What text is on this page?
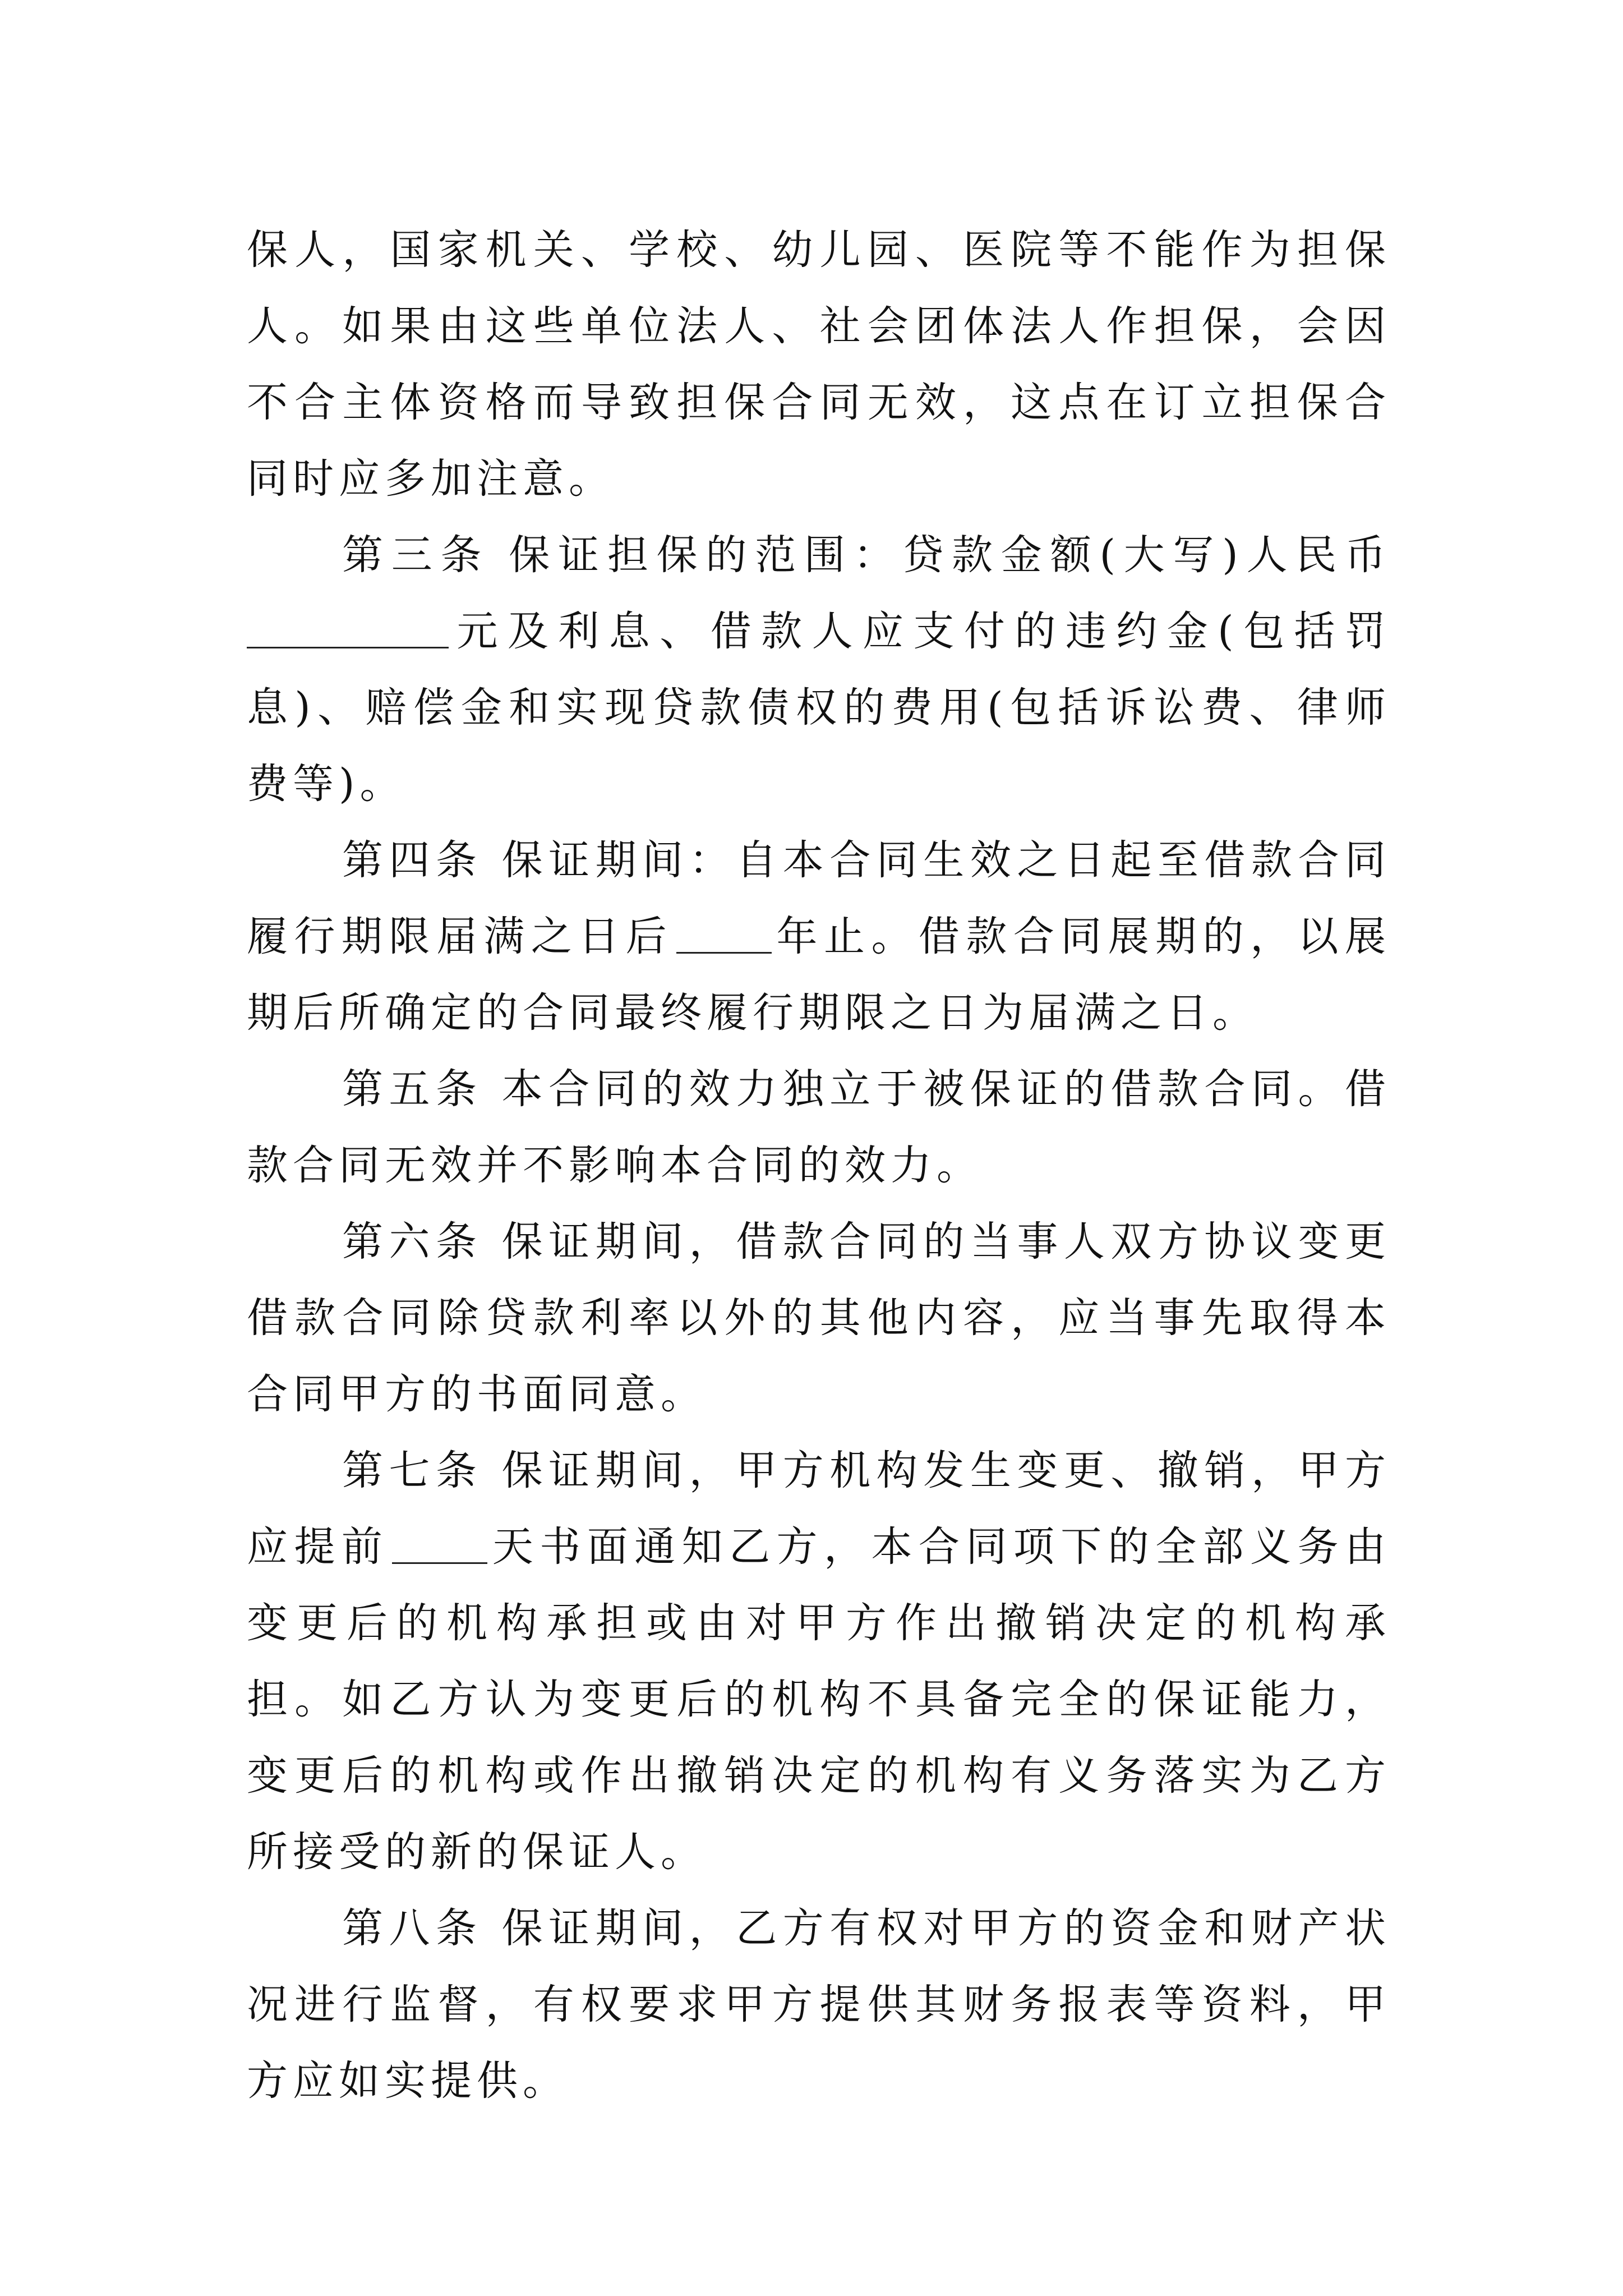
保人，国家机关、学校、幼儿园、医院等不能作为担保人。如果由这些单位法人、社会团体法人作担保，会因不合主体资格而导致担保合同无效，这点在订立担保合同时应多加注意。

第三条 保证担保的范围：贷款金额(大写)人民币元及利息、借款人应支付的违约金(包括罚息)、赔偿金和实现贷款债权的费用(包括诉讼费、律师费等)。

第四条 保证期间：自本合同生效之日起至借款合同履行期限届满之日后 年止。借款合同展期的，以展期后所确定的合同最终履行期限之日为届满之日。

第五条 本合同的效力独立于被保证的借款合同。借款合同无效并不影响本合同的效力。

第六条 保证期间，借款合同的当事人双方协议变更借款合同除贷款利率以外的其他内容，应当事先取得本合同甲方的书面同意。

第七条 保证期间，甲方机构发生变更、撤销，甲方应提前 天书面通知乙方，本合同项下的全部义务由变更后的机构承担或由对甲方作出撤销决定的机构承担。如乙方认为变更后的机构不具备完全的保证能力，变更后的机构或作出撤销决定的机构有义务落实为乙方所接受的新的保证人。

第八条 保证期间，乙方有权对甲方的资金和财产状况进行监督，有权要求甲方提供其财务报表等资料，甲方应如实提供。
